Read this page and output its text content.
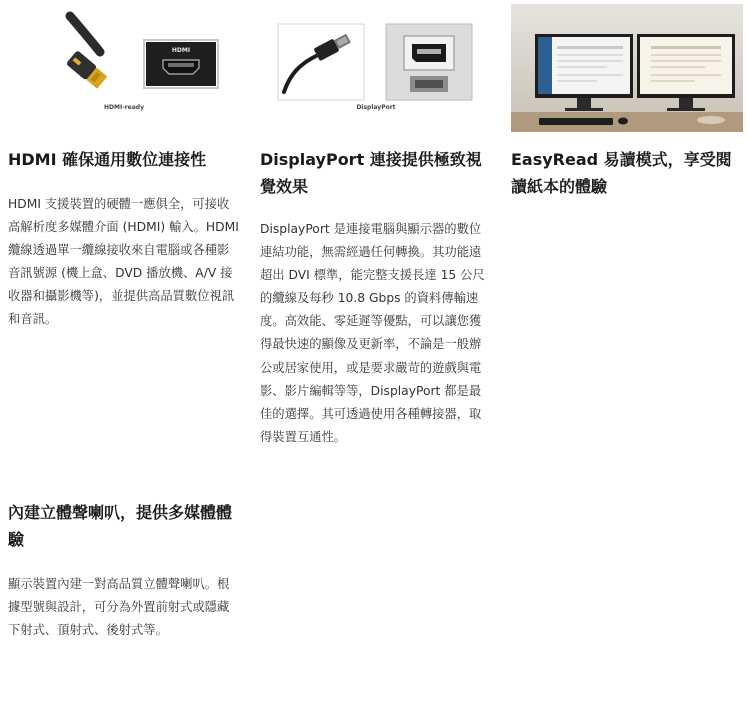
HDMI
HDMI-ready	DisplayPort
HDMI 確保通用數位連接性

HDMI 支援裝置的硬體一應俱全，可接收高解析度多媒體介面 (HDMI) 輸入。HDMI 纜線透過單一纜線接收來自電腦或各種影音訊號源 (機上盒、DVD 播放機、A/V 接收器和攝影機等)，並提供高品質數位視訊和音訊。

DisplayPort 連接提供極致視覺效果

DisplayPort 是連接電腦與顯示器的數位連結功能，無需經過任何轉換。其功能遠超出 DVI 標準，能完整支援長達 15 公尺的纜線及每秒 10.8 Gbps 的資料傳輸速度。高效能、零延遲等優點，可以讓您獲得最快速的顯像及更新率，不論是一般辦公或居家使用，或是要求嚴苛的遊戲與電影、影片編輯等等，DisplayPort 都是最佳的選擇。其可透過使用各種轉接器，取得裝置互通性。

EasyRead 易讀模式，享受閱讀紙本的體驗
內建立體聲喇叭，提供多媒體體驗

顯示裝置內建一對高品質立體聲喇叭。根據型號與設計，可分為外置前射式或隱藏下射式、頂射式、後射式等。
